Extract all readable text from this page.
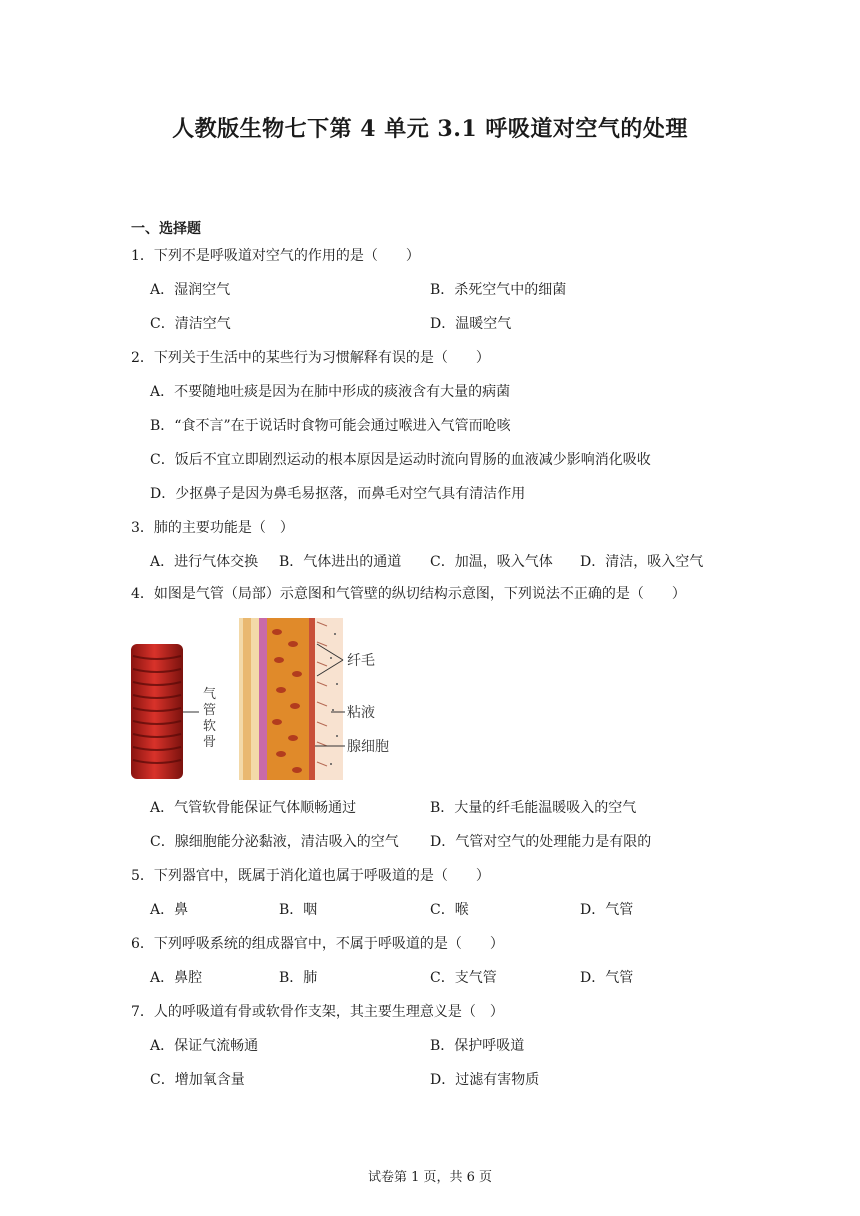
人教版生物七下第 4 单元 3.1 呼吸道对空气的处理
一、选择题
1．下列不是呼吸道对空气的作用的是（　　）
A．湿润空气	B．杀死空气中的细菌
C．清洁空气	D．温暖空气
2．下列关于生活中的某些行为习惯解释有误的是（　　）
A．不要随地吐痰是因为在肺中形成的痰液含有大量的病菌
B．“食不言”在于说话时食物可能会通过喉进入气管而呛咳
C．饭后不宜立即剧烈运动的根本原因是运动时流向胃肠的血液减少影响消化吸收
D．少抠鼻子是因为鼻毛易抠落，而鼻毛对空气具有清洁作用
3．肺的主要功能是（　）
A．进行气体交换 B．气体进出的通道 C．加温，吸入气体 D．清洁，吸入空气
4．如图是气管（局部）示意图和气管壁的纵切结构示意图，下列说法不正确的是（　　）
气
管
软
骨
纤毛
粘液
腺细胞
A．气管软骨能保证气体顺畅通过	B．大量的纤毛能温暖吸入的空气
C．腺细胞能分泌黏液，清洁吸入的空气 D．气管对空气的处理能力是有限的
5．下列器官中，既属于消化道也属于呼吸道的是（　　）
A．鼻	B．咽	C．喉	D．气管
6．下列呼吸系统的组成器官中，不属于呼吸道的是（　　）
A．鼻腔	B．肺	C．支气管	D．气管
7．人的呼吸道有骨或软骨作支架，其主要生理意义是（　）
A．保证气流畅通	B．保护呼吸道
C．增加氧含量	D．过滤有害物质
试卷第 1 页，共 6 页
